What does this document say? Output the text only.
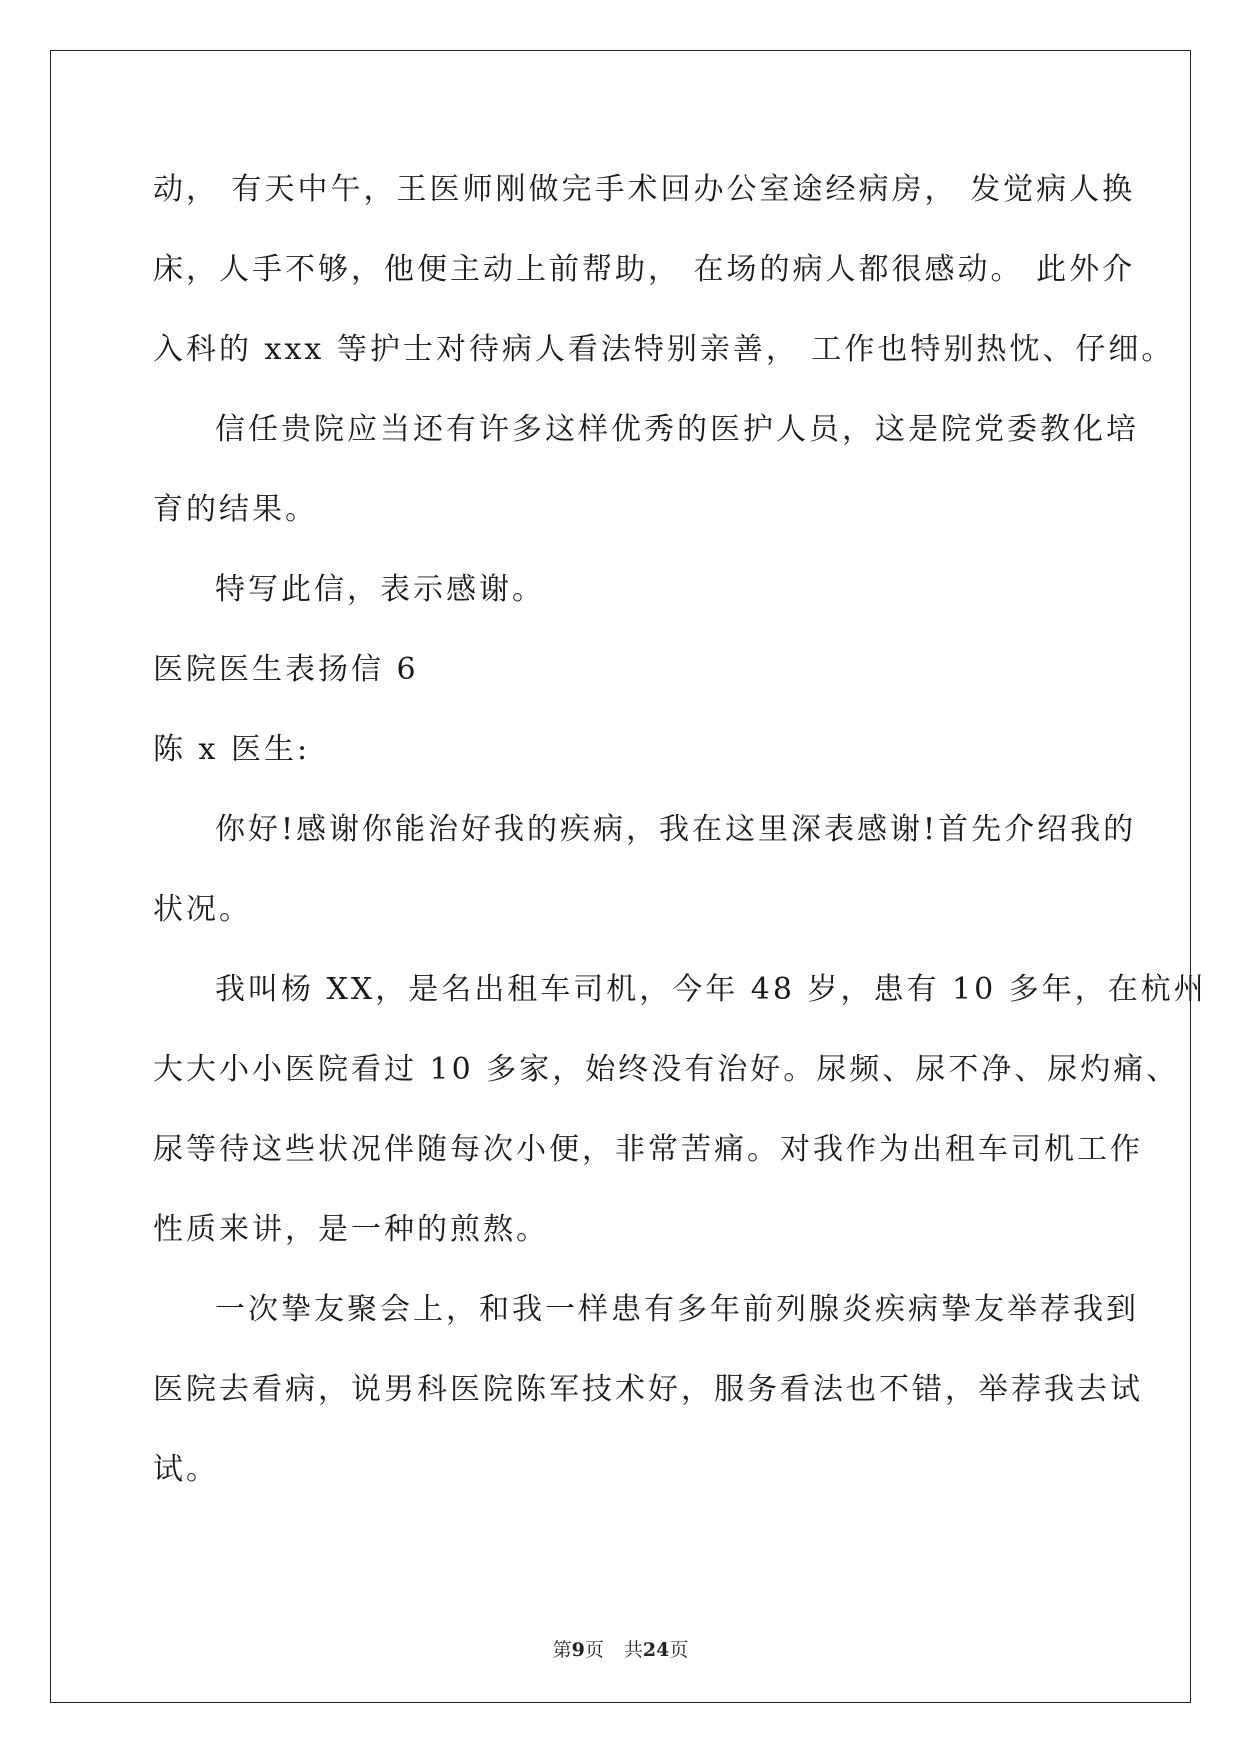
动， 有天中午，王医师刚做完手术回办公室途经病房， 发觉病人换
床，人手不够，他便主动上前帮助， 在场的病人都很感动。 此外介
入科的 xxx 等护士对待病人看法特别亲善， 工作也特别热忱、仔细。
信任贵院应当还有许多这样优秀的医护人员，这是院党委教化培
育的结果。
特写此信，表示感谢。
医院医生表扬信 6
陈 x 医生:
你好!感谢你能治好我的疾病，我在这里深表感谢!首先介绍我的
状况。
我叫杨 XX，是名出租车司机，今年 48 岁，患有 10 多年，在杭州
大大小小医院看过 10 多家，始终没有治好。尿频、尿不净、尿灼痛、
尿等待这些状况伴随每次小便，非常苦痛。对我作为出租车司机工作
性质来讲，是一种的煎熬。
一次挚友聚会上，和我一样患有多年前列腺炎疾病挚友举荐我到
医院去看病，说男科医院陈军技术好，服务看法也不错，举荐我去试
试。
第9页 共24页
